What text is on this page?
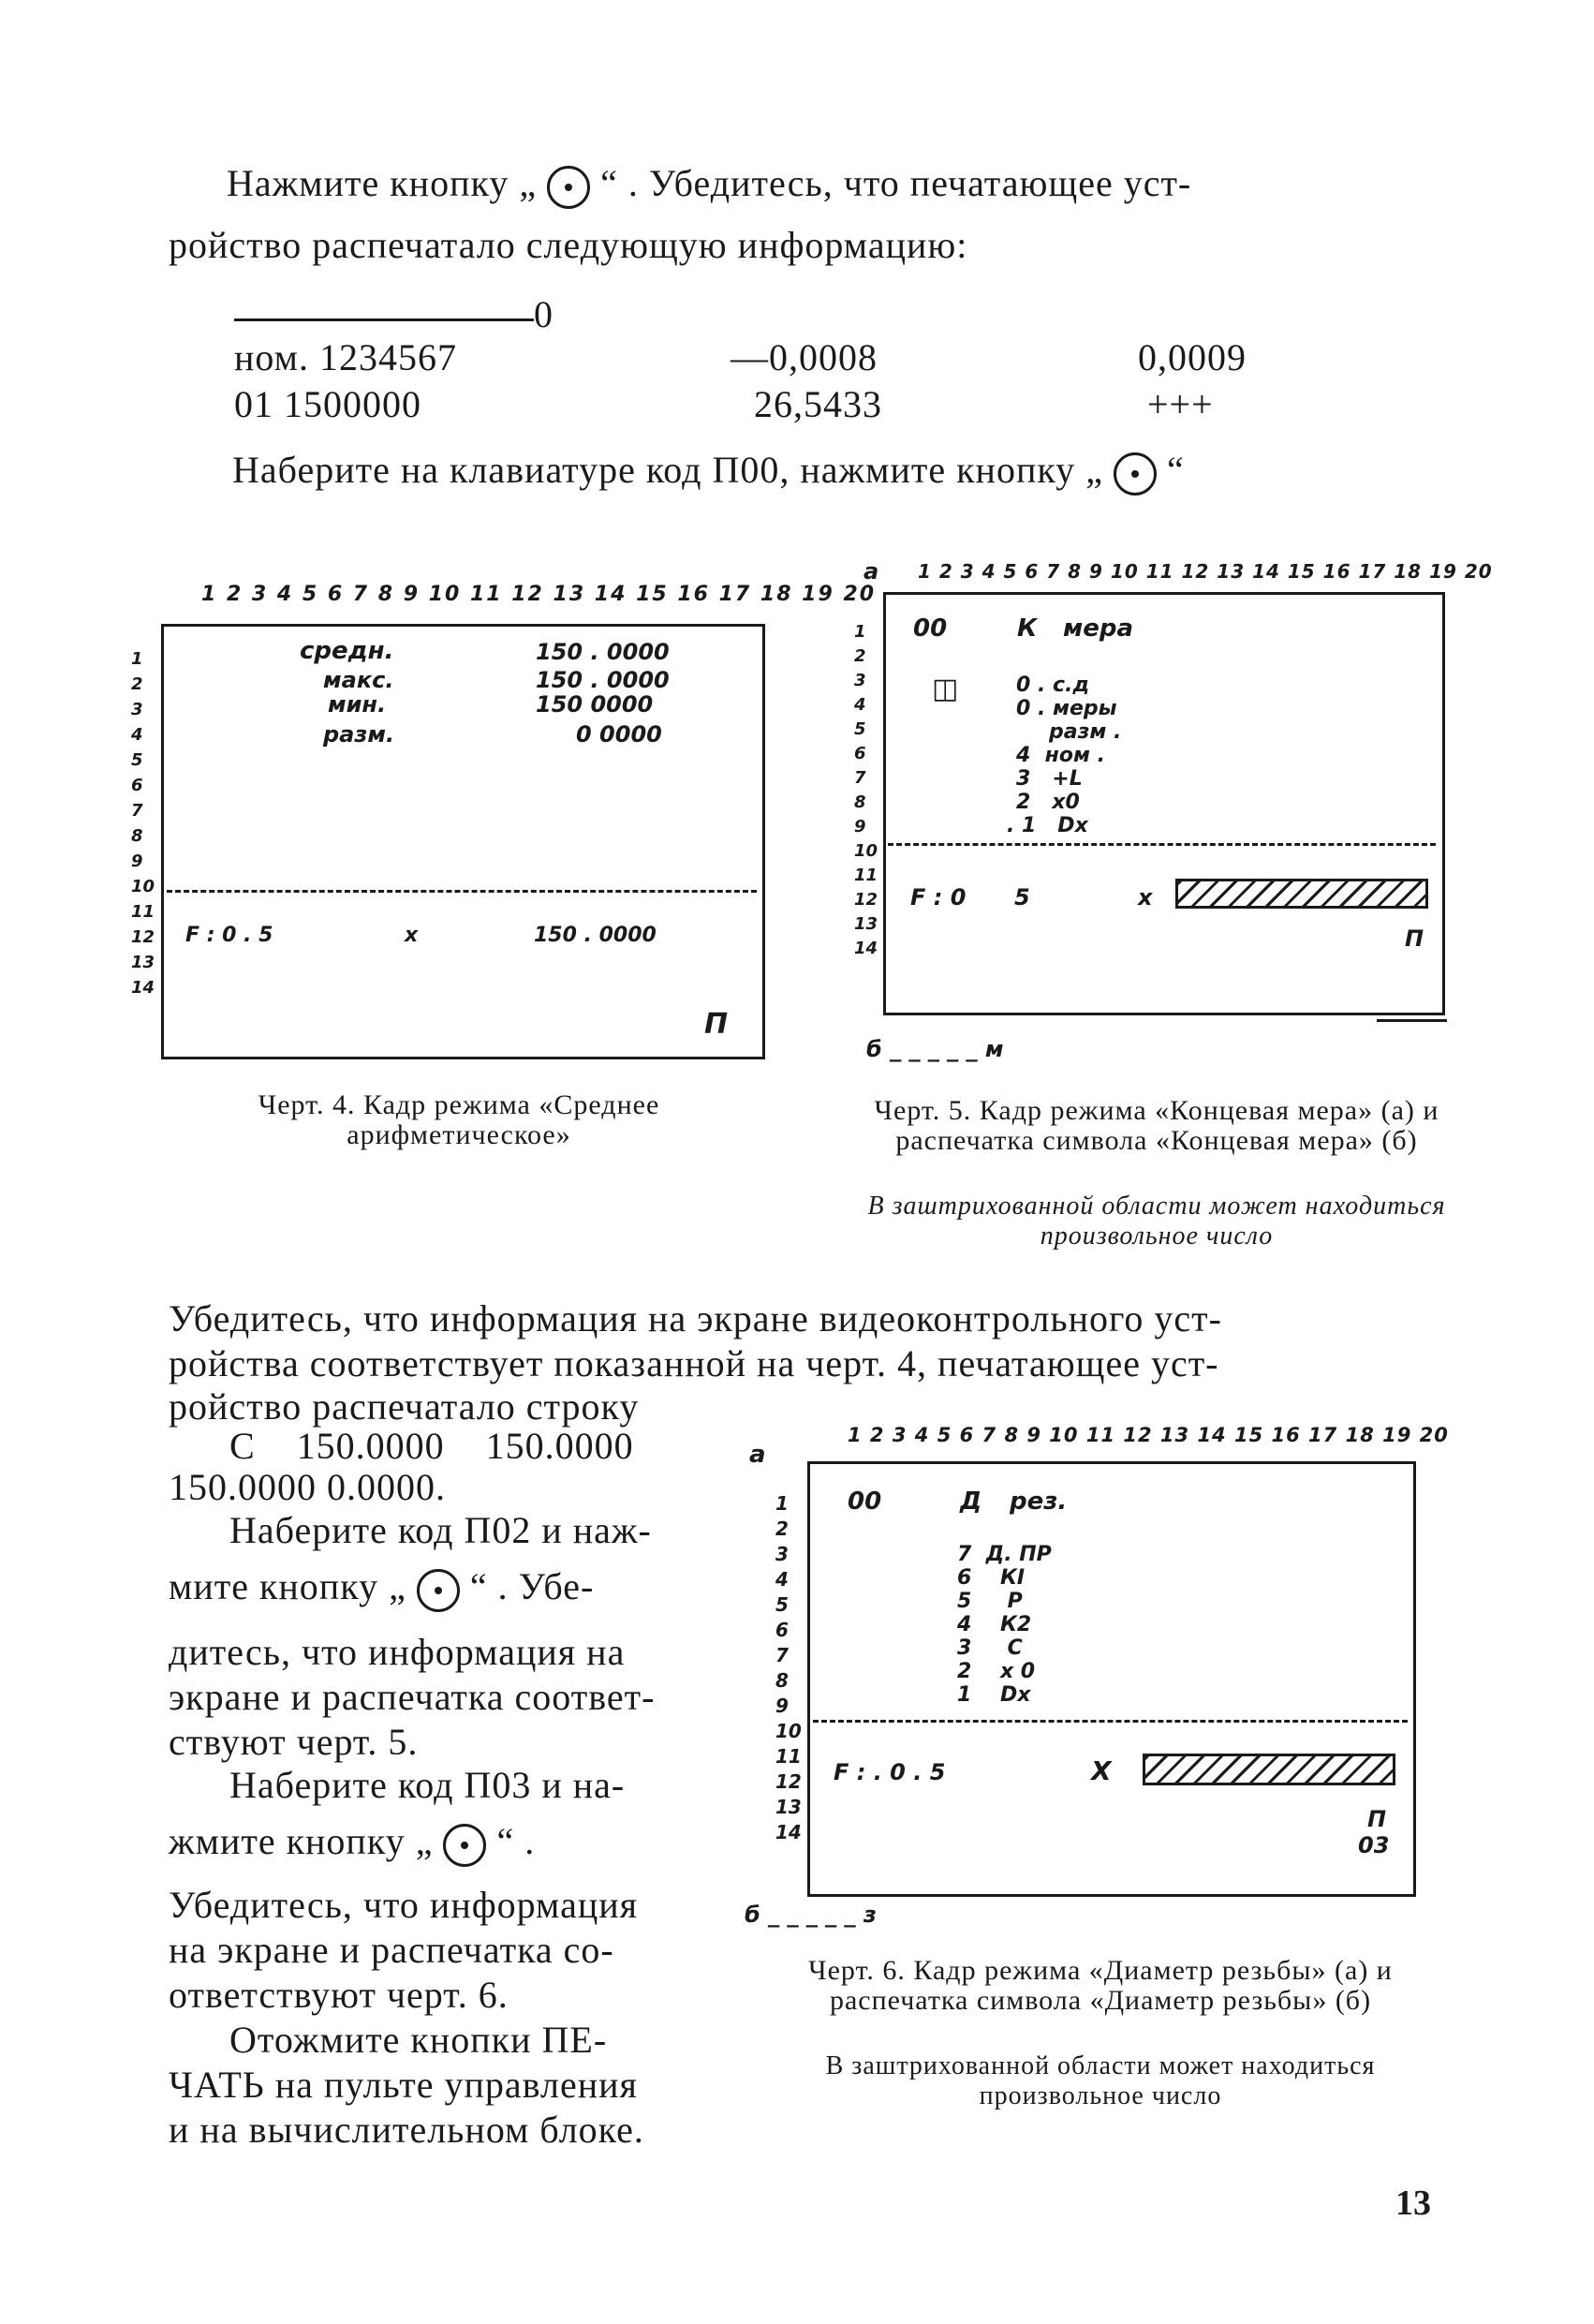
Нажмите кнопку „ “ . Убедитесь, что печатающее уст-
ройство распечатало следующую информацию:
0
ном. 1234567	—0,0008	0,0009
01 1500000	26,5433	+++
Наберите на клавиатуре код П00, нажмите кнопку „ “
1 2 3 4 5 6 7 8 9 10 11 12 13 14 15 16 17 18 19 20
1
2
3
4
5
6
7
8
9
10
11
12
13
14
средн.	150 . 0000
макс.	150 . 0000
мин.	150 0000
разм.	0 0000
F : 0 . 5	x	150 . 0000
П
Черт. 4. Кадр режима «Среднее арифметическое»
а 1 2 3 4 5 6 7 8 9 10 11 12 13 14 15 16 17 18 19 20
1
2
3
4
5
6
7
8
9
10
11
12
13
14
00	К мера
◫	0 . с.д
0 . меры
разм .
4  ном .
3   +L
2   х0
. 1   Dх

F : 0 5	х
П
б _ _ _ _ _ м
Черт. 5. Кадр режима «Концевая мера» (а) и распечатка символа «Концевая мера» (б)
В заштрихованной области может находиться произвольное число
Убедитесь, что информация на экране видеоконтрольного уст-
ройства соответствует показанной на черт. 4, печатающее уст-
ройство распечатало строку
С    150.0000    150.0000
150.0000 0.0000.
Наберите код П02 и наж-
мите кнопку „ “ . Убе-
дитесь, что информация на
экране и распечатка соответ-
ствуют черт. 5.
Наберите код П03 и на-
жмите кнопку „ “ .
Убедитесь, что информация
на экране и распечатка со-
ответствуют черт. 6.
Отожмите кнопки ПЕ-
ЧАТЬ на пульте управления
и на вычислительном блоке.
а
1 2 3 4 5 6 7 8 9 10 11 12 13 14 15 16 17 18 19 20
1
2
3
4
5
6
7
8
9
10
11
12
13
14
00	Д рез.

7  Д. ПР
6    КI
5     Р
4    К2
3     С
2    х 0
1    Dх

F : . 0 . 5	Х
П
03
б _ _ _ _ _ з
Черт. 6. Кадр режима «Диаметр резьбы» (а) и распечатка символа «Диаметр резьбы» (б)
В заштрихованной области может находиться произвольное число
13
